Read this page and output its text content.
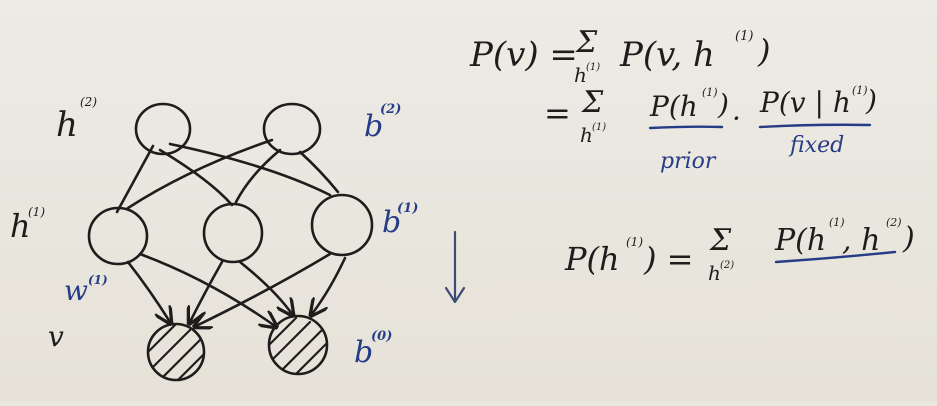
h
(2)
b
(2)
h
(1)	b
(1)
w (1)
v	b
(0)
P(v) =
Σ
h (1) P(v, h (1) )
= Σ
h (1)
P(h (1) ) · P(v | h (1)
)
prior
fixed
P(h (1) ) = Σ
h (2)
P(h
(1)
, h
(2) )
